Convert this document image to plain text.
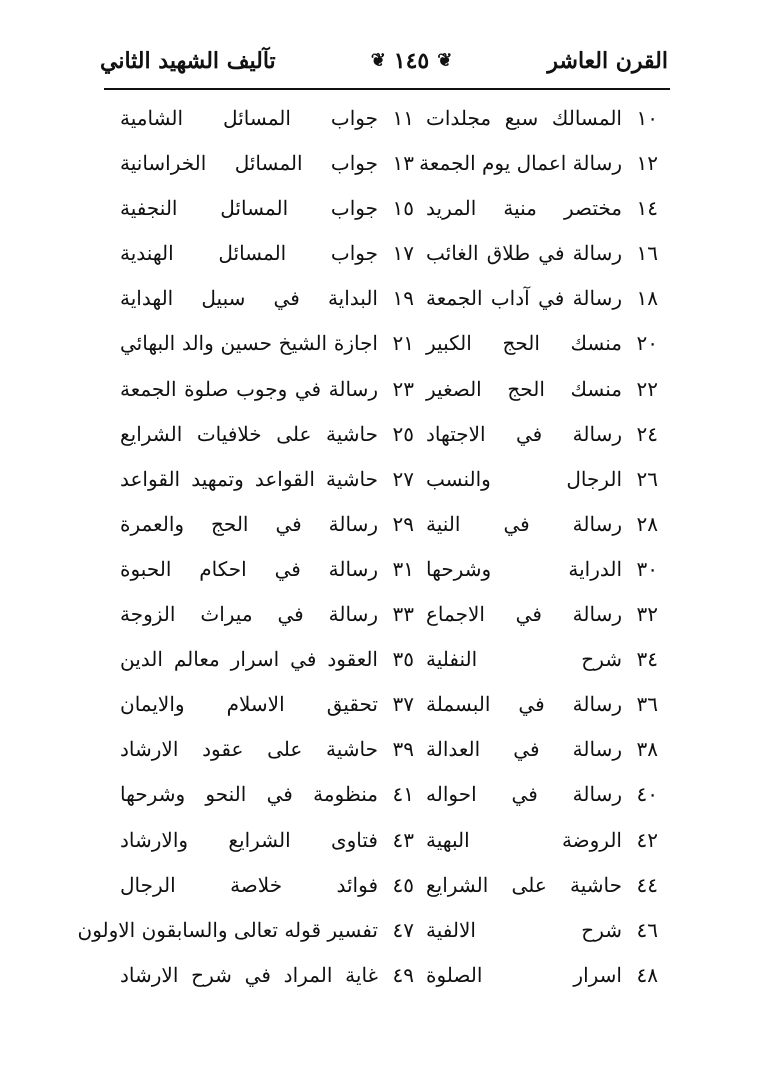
القرن العاشر
❦
١٤٥
❦
تآليف الشهيد الثاني
١٠
المسالك سبع مجلدات
١١
جواب المسائل الشامية
١٢
رسالة اعمال يوم الجمعة
١٣
جواب المسائل الخراسانية
١٤
مختصر منية المريد
١٥
جواب المسائل النجفية
١٦
رسالة في طلاق الغائب
١٧
جواب المسائل الهندية
١٨
رسالة في آداب الجمعة
١٩
البداية في سبيل الهداية
٢٠
منسك الحج الكبير
٢١
اجازة الشيخ حسين والد البهائي
٢٢
منسك الحج الصغير
٢٣
رسالة في وجوب صلوة الجمعة
٢٤
رسالة في الاجتهاد
٢٥
حاشية على خلافيات الشرايع
٢٦
الرجال والنسب
٢٧
حاشية القواعد وتمهيد القواعد
٢٨
رسالة في النية
٢٩
رسالة في الحج والعمرة
٣٠
الدراية وشرحها
٣١
رسالة في احكام الحبوة
٣٢
رسالة في الاجماع
٣٣
رسالة في ميراث الزوجة
٣٤
شرح النفلية
٣٥
العقود في اسرار معالم الدين
٣٦
رسالة في البسملة
٣٧
تحقيق الاسلام والايمان
٣٨
رسالة في العدالة
٣٩
حاشية على عقود الارشاد
٤٠
رسالة في احواله
٤١
منظومة في النحو وشرحها
٤٢
الروضة البهية
٤٣
فتاوى الشرايع والارشاد
٤٤
حاشية على الشرايع
٤٥
فوائد خلاصة الرجال
٤٦
شرح الالفية
٤٧
تفسير قوله تعالى والسابقون الاولون
٤٨
اسرار الصلوة
٤٩
غاية المراد في شرح الارشاد
